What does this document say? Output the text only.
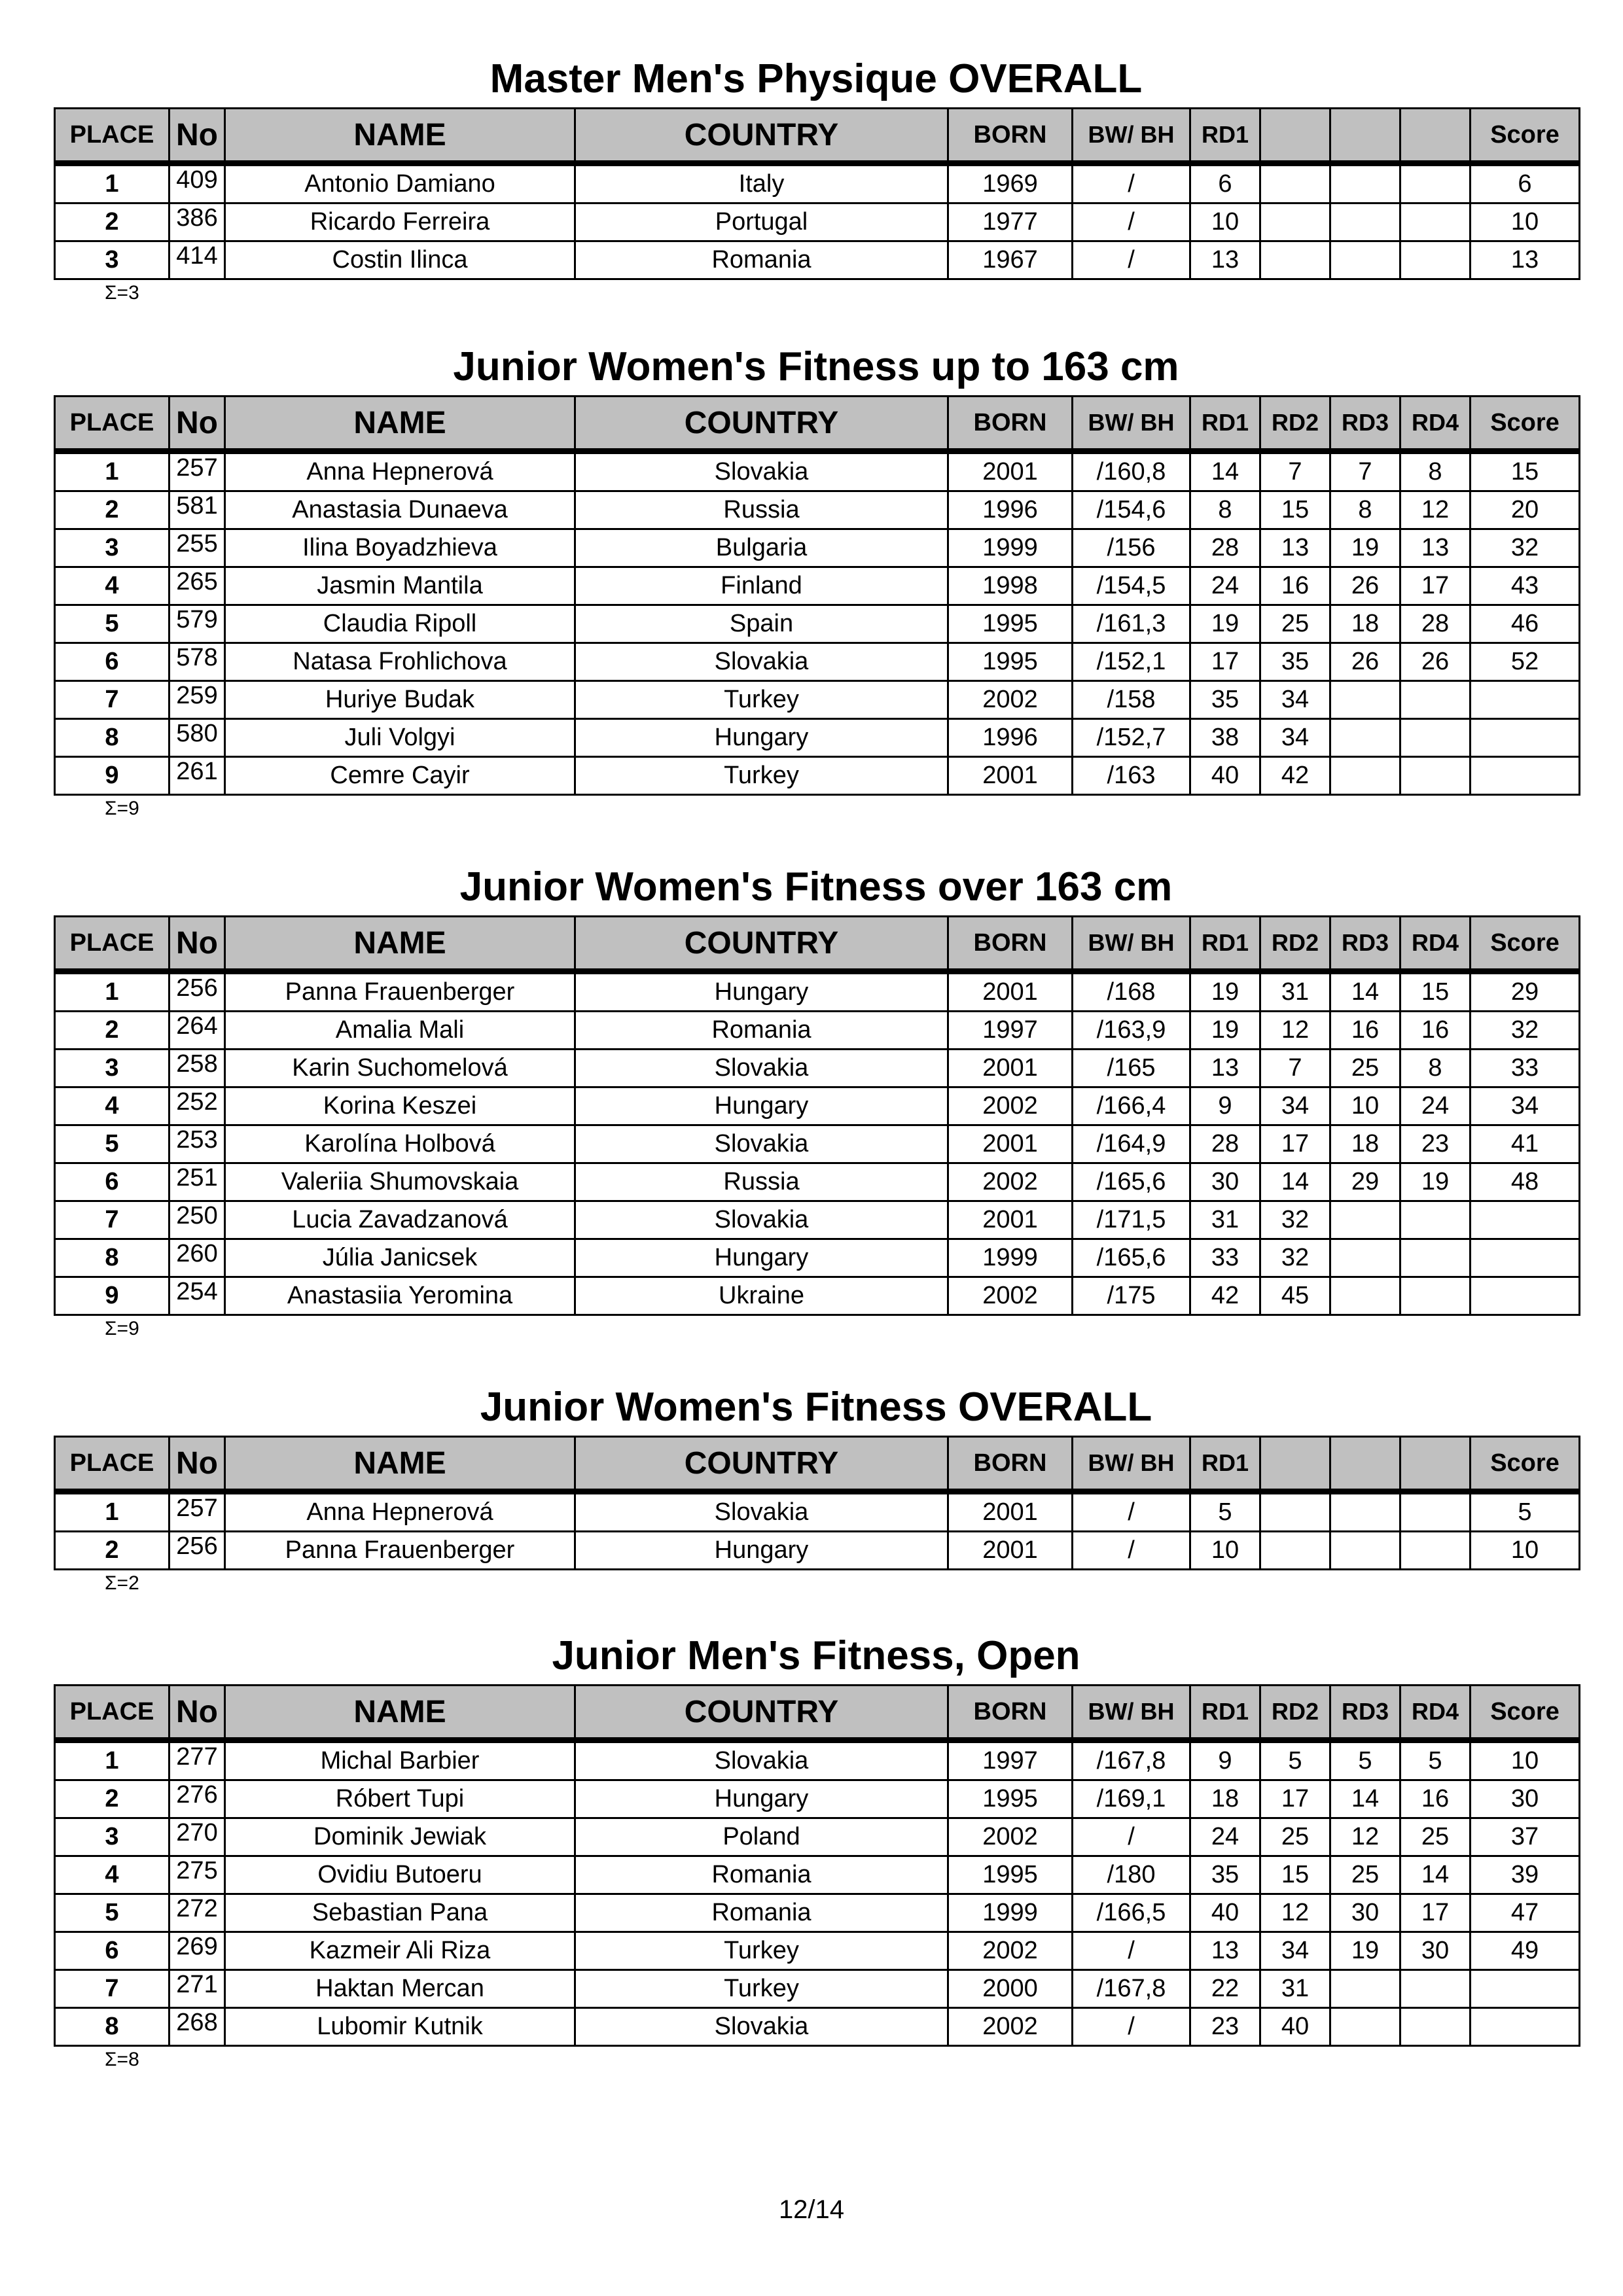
Master Men's Physique OVERALL
PLACE	No	NAME	COUNTRY	BORN	BW/ BH	RD1				Score
1	409	Antonio Damiano	Italy	1969	/	6				6
2	386	Ricardo Ferreira	Portugal	1977	/	10				10
3	414	Costin Ilinca	Romania	1967	/	13				13
Σ=3
Junior Women's Fitness up to 163 cm
PLACE	No	NAME	COUNTRY	BORN	BW/ BH	RD1	RD2	RD3	RD4	Score
1	257	Anna Hepnerová	Slovakia	2001	/160,8	14	7	7	8	15
2	581	Anastasia Dunaeva	Russia	1996	/154,6	8	15	8	12	20
3	255	Ilina Boyadzhieva	Bulgaria	1999	/156	28	13	19	13	32
4	265	Jasmin Mantila	Finland	1998	/154,5	24	16	26	17	43
5	579	Claudia Ripoll	Spain	1995	/161,3	19	25	18	28	46
6	578	Natasa Frohlichova	Slovakia	1995	/152,1	17	35	26	26	52
7	259	Huriye Budak	Turkey	2002	/158	35	34			
8	580	Juli Volgyi	Hungary	1996	/152,7	38	34			
9	261	Cemre Cayir	Turkey	2001	/163	40	42			
Σ=9
Junior Women's Fitness over 163 cm
PLACE	No	NAME	COUNTRY	BORN	BW/ BH	RD1	RD2	RD3	RD4	Score
1	256	Panna Frauenberger	Hungary	2001	/168	19	31	14	15	29
2	264	Amalia Mali	Romania	1997	/163,9	19	12	16	16	32
3	258	Karin Suchomelová	Slovakia	2001	/165	13	7	25	8	33
4	252	Korina Keszei	Hungary	2002	/166,4	9	34	10	24	34
5	253	Karolína Holbová	Slovakia	2001	/164,9	28	17	18	23	41
6	251	Valeriia Shumovskaia	Russia	2002	/165,6	30	14	29	19	48
7	250	Lucia Zavadzanová	Slovakia	2001	/171,5	31	32			
8	260	Júlia Janicsek	Hungary	1999	/165,6	33	32			
9	254	Anastasiia Yeromina	Ukraine	2002	/175	42	45			
Σ=9
Junior Women's Fitness OVERALL
PLACE	No	NAME	COUNTRY	BORN	BW/ BH	RD1				Score
1	257	Anna Hepnerová	Slovakia	2001	/	5				5
2	256	Panna Frauenberger	Hungary	2001	/	10				10
Σ=2
Junior Men's Fitness, Open
PLACE	No	NAME	COUNTRY	BORN	BW/ BH	RD1	RD2	RD3	RD4	Score
1	277	Michal Barbier	Slovakia	1997	/167,8	9	5	5	5	10
2	276	Róbert Tupi	Hungary	1995	/169,1	18	17	14	16	30
3	270	Dominik Jewiak	Poland	2002	/	24	25	12	25	37
4	275	Ovidiu Butoeru	Romania	1995	/180	35	15	25	14	39
5	272	Sebastian Pana	Romania	1999	/166,5	40	12	30	17	47
6	269	Kazmeir Ali Riza	Turkey	2002	/	13	34	19	30	49
7	271	Haktan Mercan	Turkey	2000	/167,8	22	31			
8	268	Lubomir Kutnik	Slovakia	2002	/	23	40			
Σ=8
12/14
